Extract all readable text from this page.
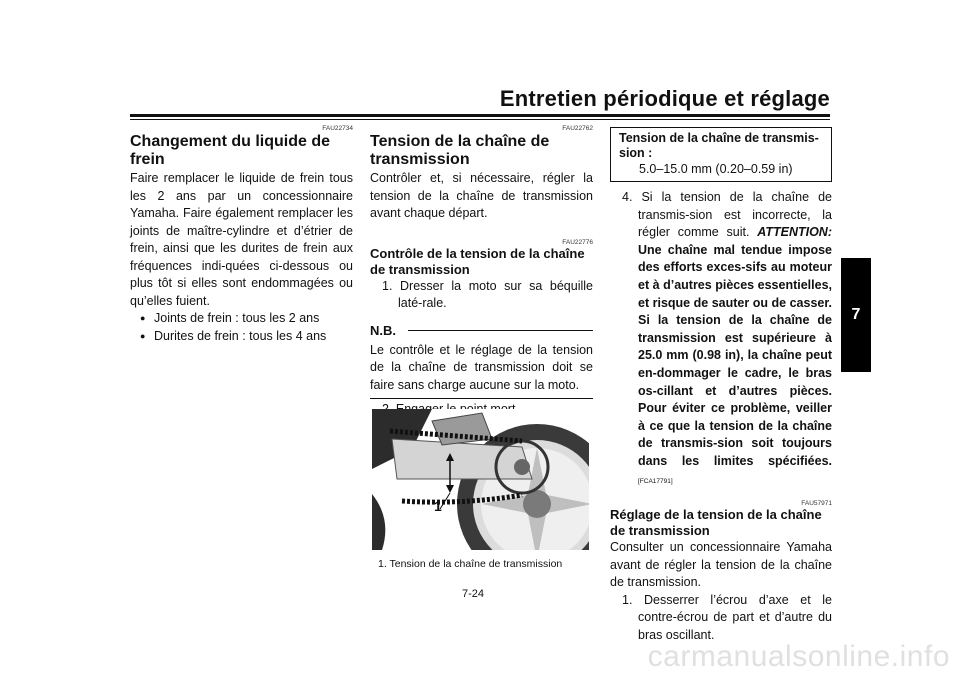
Entretien périodique et réglage
7
FAU22734
Changement du liquide de frein
Faire remplacer le liquide de frein tous les 2 ans par un concessionnaire Yamaha. Faire également remplacer les joints de maître-cylindre et d’étrier de frein, ainsi que les durites de frein aux fréquences indi-quées ci-dessous ou plus tôt si elles sont endommagées ou qu’elles fuient.
● Joints de frein : tous les 2 ans
● Durites de frein : tous les 4 ans
FAU22762
Tension de la chaîne de transmission
Contrôler et, si nécessaire, régler la tension de la chaîne de transmission avant chaque départ.
FAU22776
Contrôle de la tension de la chaîne de transmission
1. Dresser la moto sur sa béquille laté-rale.
N.B.
Le contrôle et le réglage de la tension de la chaîne de transmission doit se faire sans charge aucune sur la moto.
1
1. Tension de la chaîne de transmission
Tension de la chaîne de transmis-sion :
5.0–15.0 mm (0.20–0.59 in)
4. Si la tension de la chaîne de transmis-sion est incorrecte, la régler comme suit. ATTENTION: Une chaîne mal tendue impose des efforts exces-sifs au moteur et à d’autres pièces essentielles, et risque de sauter ou de casser. Si la tension de la chaîne de transmission est supérieure à 25.0 mm (0.98 in), la chaîne peut en-dommager le cadre, le bras os-cillant et d’autres pièces. Pour éviter ce problème, veiller à ce que la tension de la chaîne de transmis-sion soit toujours dans les limites spécifiées.[FCA17791]
FAU57971
Réglage de la tension de la chaîne de transmission
Consulter un concessionnaire Yamaha avant de régler la tension de la chaîne de transmission.
1. Desserrer l’écrou d’axe et le contre-écrou de part et d’autre du bras oscillant.
7-24
carmanualsonline.info
